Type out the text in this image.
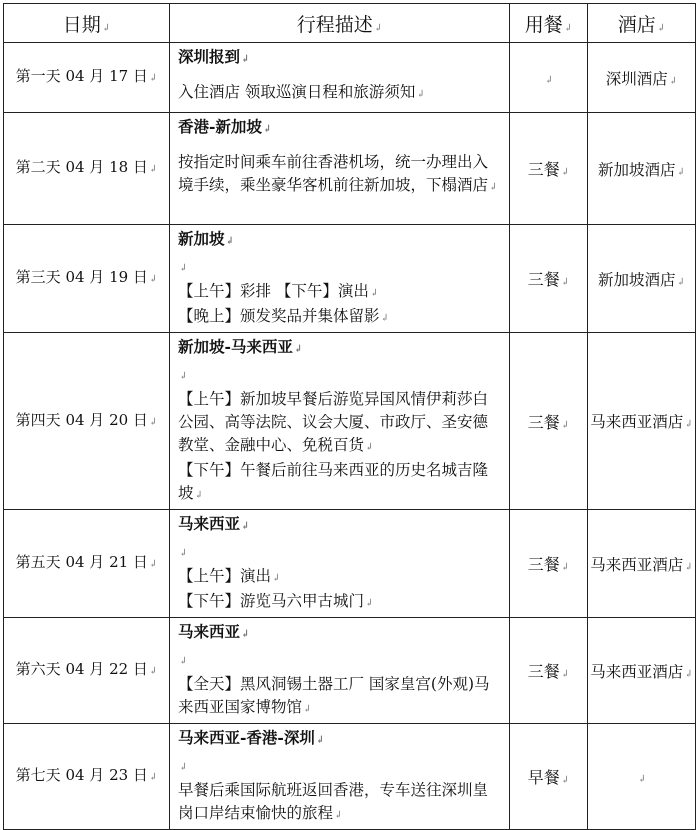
日期↲	行程描述↲	用餐↲	酒店↲
第一天 04 月 17 日↲	深圳报到↲
入住酒店 领取巡演日程和旅游须知↲	↲	深圳酒店↲
第二天 04 月 18 日↲	香港-新加坡↲
按指定时间乘车前往香港机场，统一办理出入境手续，乘坐豪华客机前往新加坡，下榻酒店↲	三餐↲	新加坡酒店↲
第三天 04 月 19 日↲	新加坡↲
↲
【上午】彩排 【下午】演出↲
【晚上】颁发奖品并集体留影↲	三餐↲	新加坡酒店↲
第四天 04 月 20 日↲	新加坡-马来西亚↲
↲
【上午】新加坡早餐后游览异国风情伊莉莎白公园、高等法院、议会大厦、市政厅、圣安德教堂、金融中心、免税百货↲
【下午】午餐后前往马来西亚的历史名城吉隆坡↲	三餐↲	马来西亚酒店↲
第五天 04 月 21 日↲	马来西亚↲
↲
【上午】演出↲
【下午】游览马六甲古城门↲	三餐↲	马来西亚酒店↲
第六天 04 月 22 日↲	马来西亚↲
↲
【全天】黑风洞锡土器工厂 国家皇宫(外观)马来西亚国家博物馆↲	三餐↲	马来西亚酒店↲
第七天 04 月 23 日↲	马来西亚-香港-深圳↲
↲
早餐后乘国际航班返回香港，专车送往深圳皇岗口岸结束愉快的旅程↲	早餐↲	↲
